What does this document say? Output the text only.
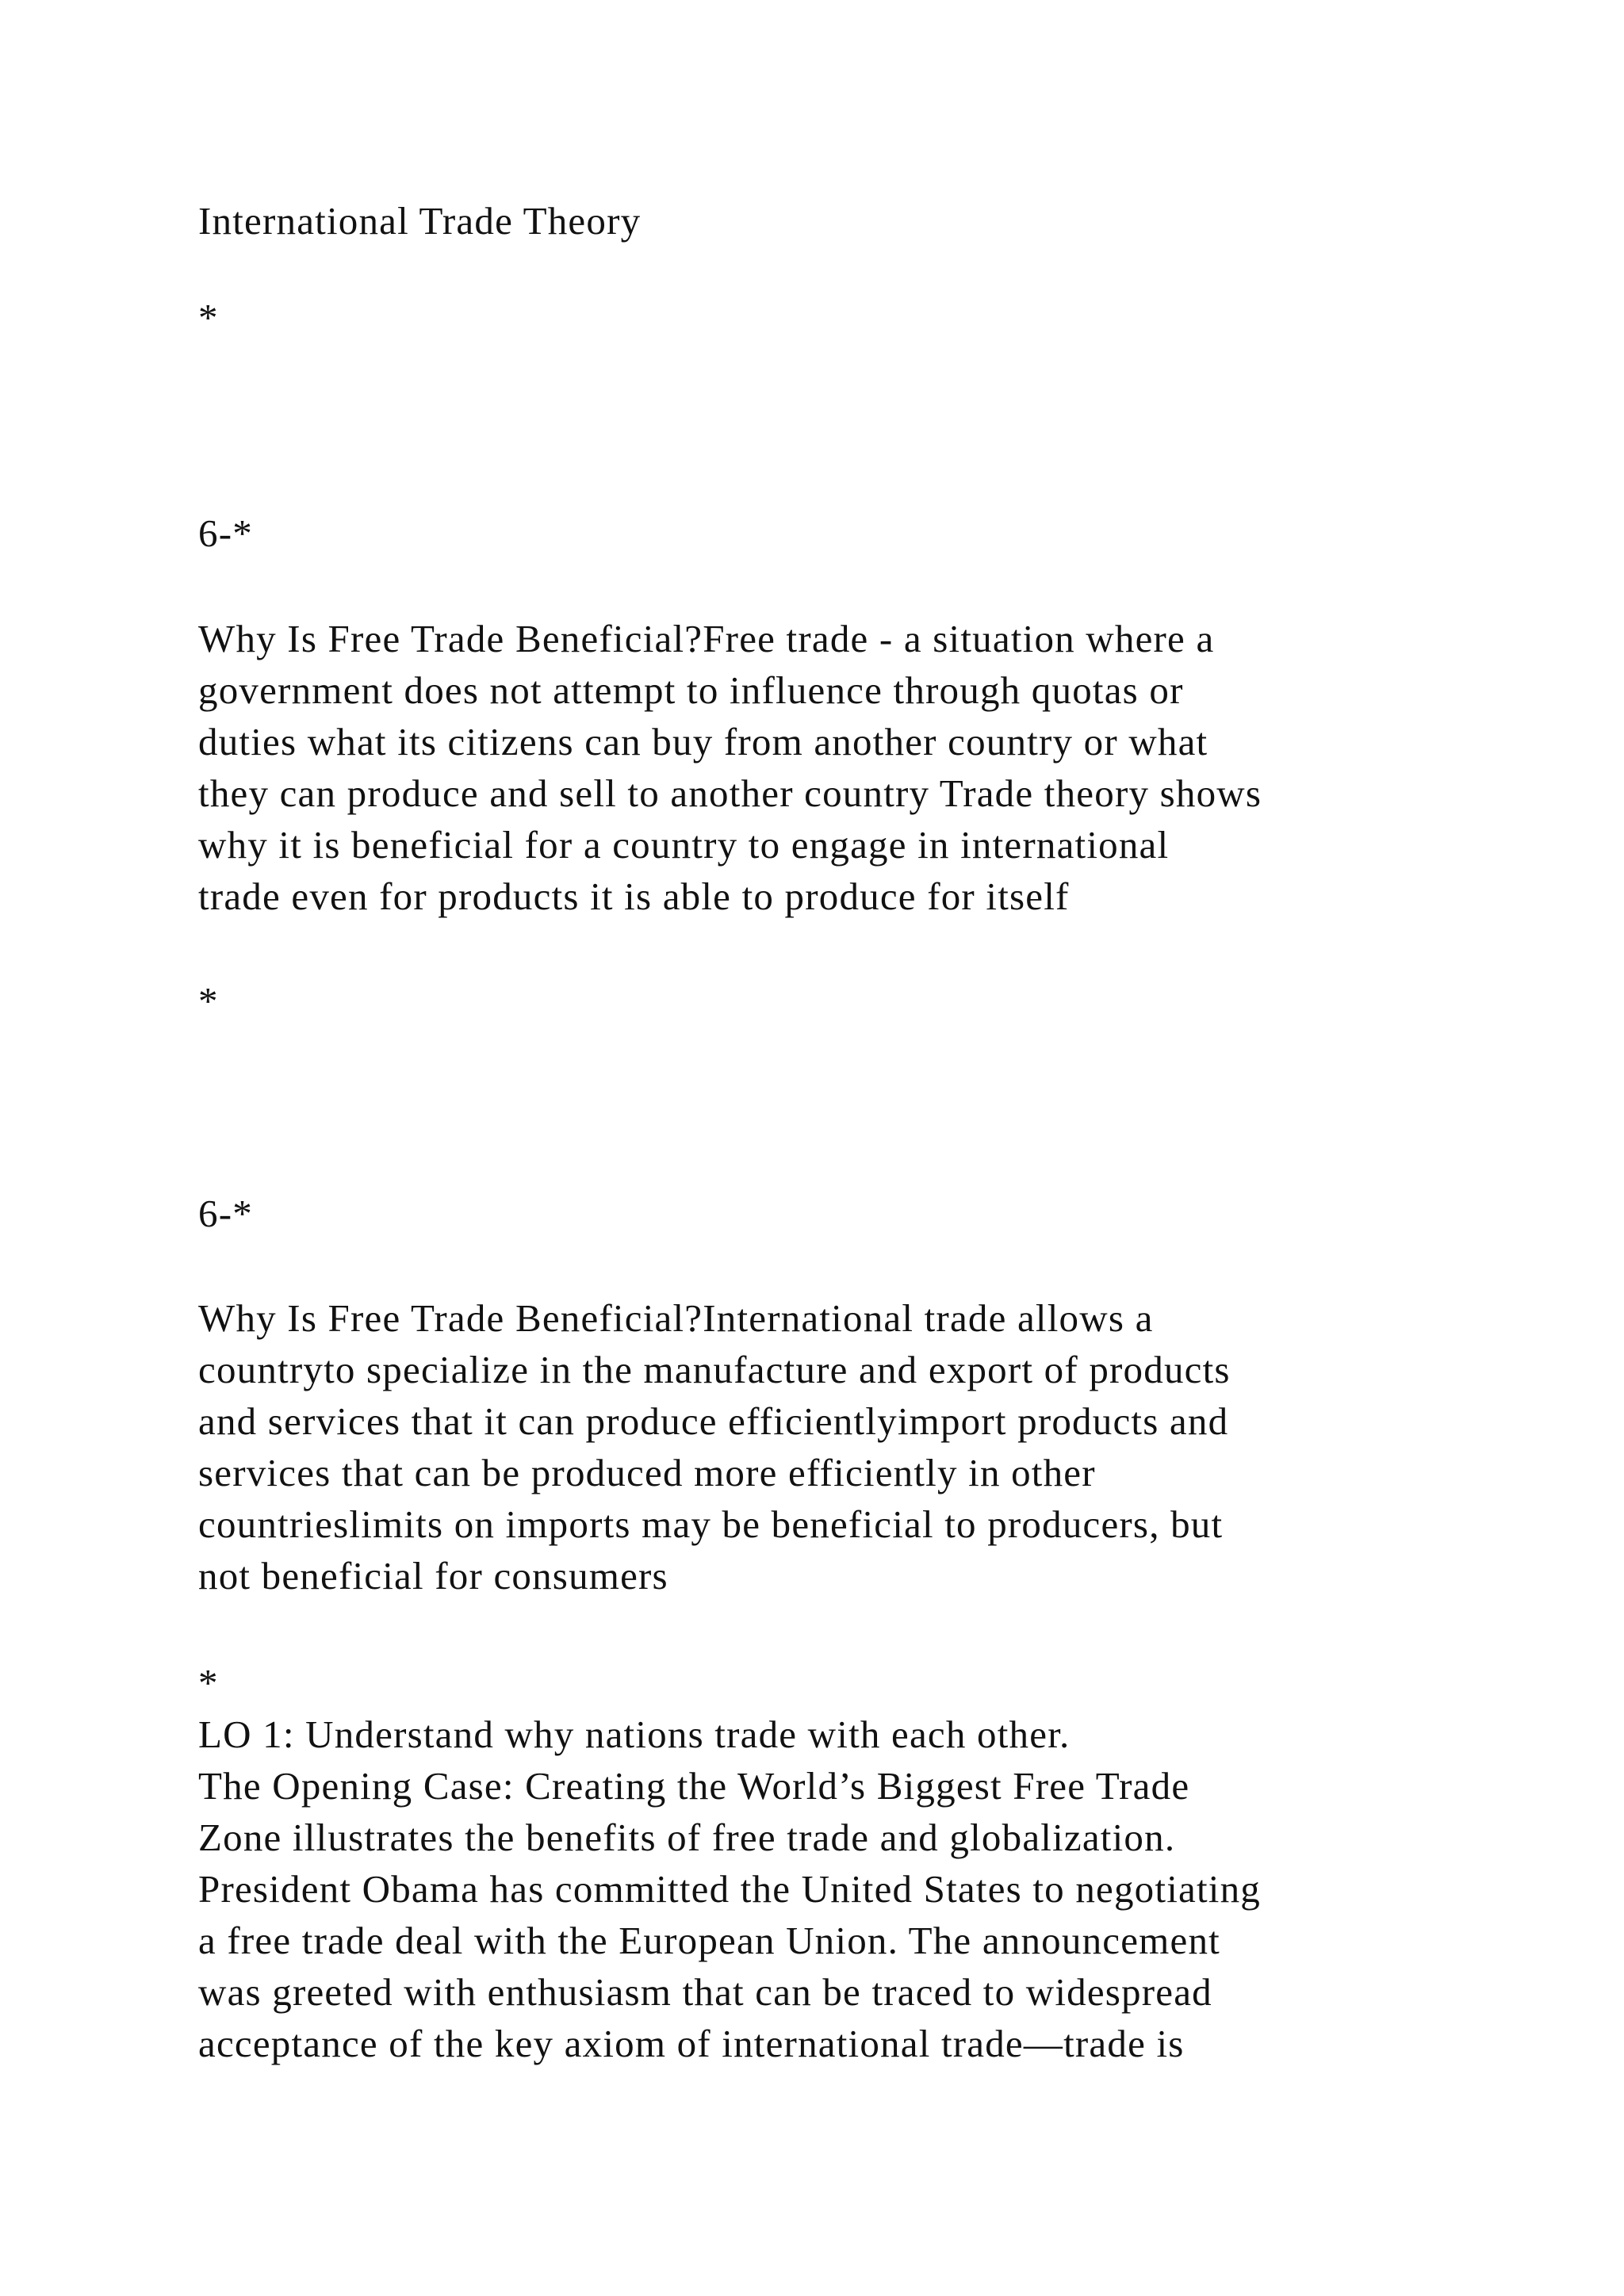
International Trade Theory

*

6-*

Why Is Free Trade Beneficial?Free trade - a situation where a

government does not attempt to influence through quotas or

duties what its citizens can buy from another country or what

they can produce and sell to another country Trade theory shows

why it is beneficial for a country to engage in international

trade even for products it is able to produce for itself

*

6-*

Why Is Free Trade Beneficial?International trade allows a

countryto specialize in the manufacture and export of products

and services that it can produce efficientlyimport products and

services that can be produced more efficiently in other

countrieslimits on imports may be beneficial to producers, but

not beneficial for consumers

*

LO 1: Understand why nations trade with each other.

The Opening Case: Creating the World’s Biggest Free Trade

Zone illustrates the benefits of free trade and globalization.

President Obama has committed the United States to negotiating

a free trade deal with the European Union. The announcement

was greeted with enthusiasm that can be traced to widespread

acceptance of the key axiom of international trade—trade is
